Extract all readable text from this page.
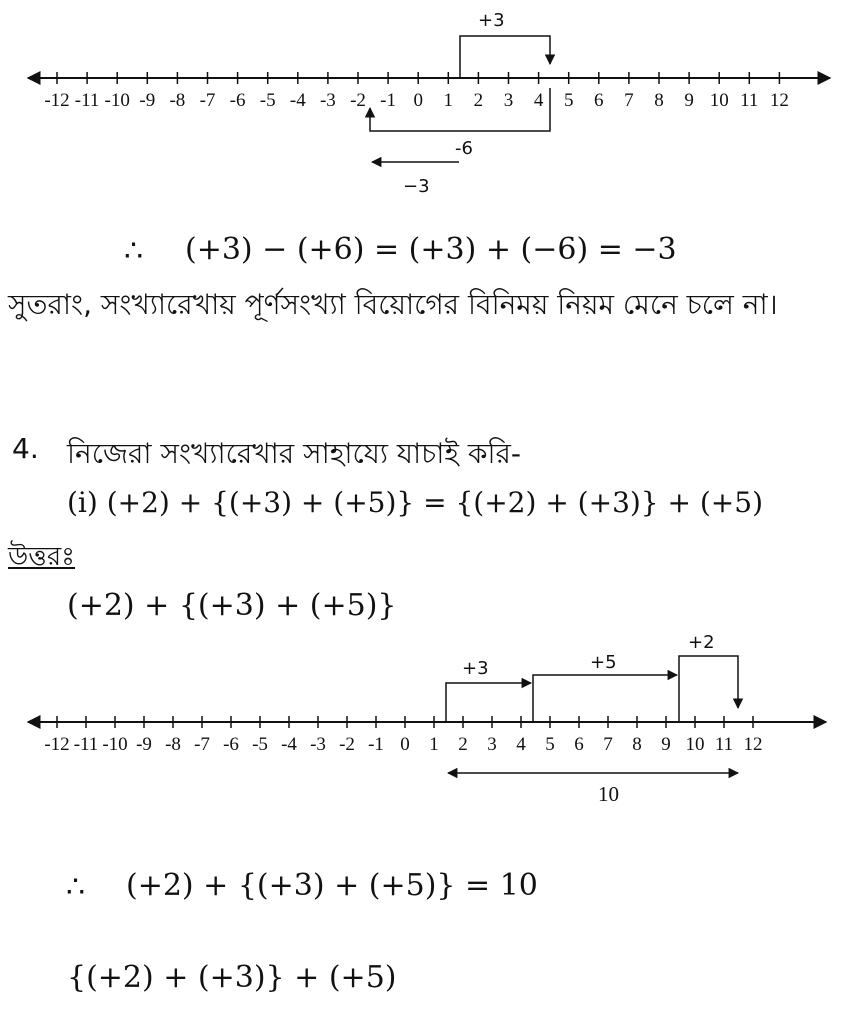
-12 -11 -10 -9 -8 -7 -6 -5 -4 -3 -2 -1 0 1 2 3 4 5 6 7 8 9 10 11 12
+3
-6
−3
∴ (+3) − (+6) = (+3) + (−6) = −3
সুতরাং, সংখ্যারেখায় পূর্ণসংখ্যা বিয়োগের বিনিময় নিয়ম মেনে চলে না।
4. নিজেরা সংখ্যারেখার সাহায্যে যাচাই করি-
(i) (+2) + {(+3) + (+5)} = {(+2) + (+3)} + (+5)
উত্তরঃ
(+2) + {(+3) + (+5)}
-12 -11 -10 -9 -8 -7 -6 -5 -4 -3 -2 -1 0 1 2 3 4 5 6 7 8 9 10 11 12
+3	+5
+2
10
∴ (+2) + {(+3) + (+5)} = 10
{(+2) + (+3)} + (+5)
